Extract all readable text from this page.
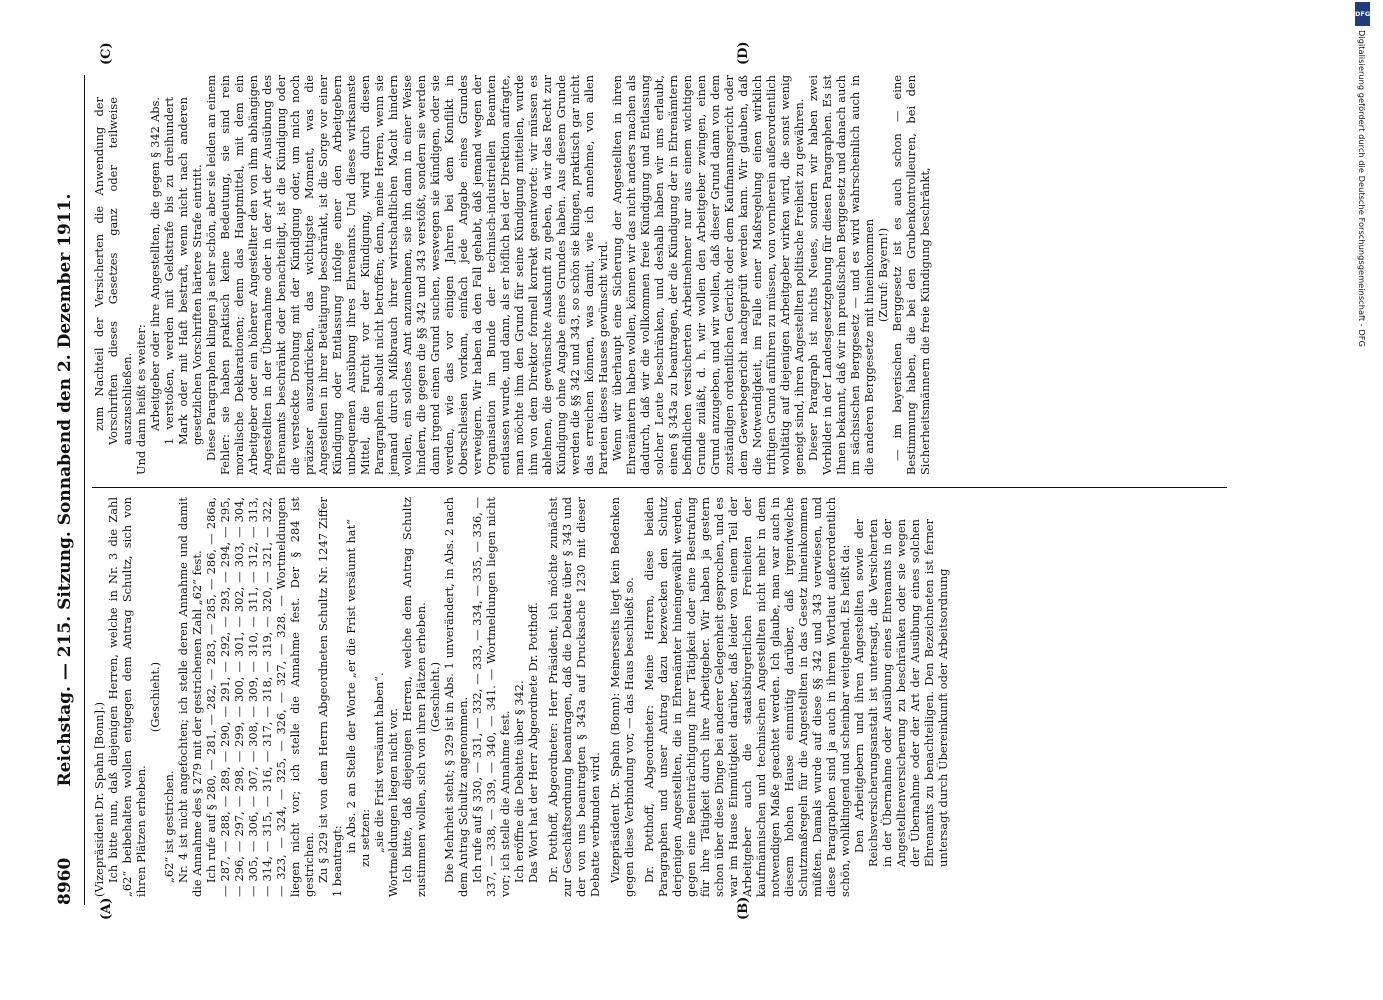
8960
Reichstag. — 215. Sitzung. Sonnabend den 2. Dezember 1911.
(A)	(B)
(C)	(D)

(Vizepräsident Dr. Spahn [Bonn].) Ich bitte nun, daß diejenigen Herren, welche in Nr. 3 die Zahl „62“ beibehalten wollen entgegen dem Antrag Schultz, sich von ihren Plätzen erheben.

(Geschieht.)

„62“ ist gestrichen. Nr. 4 ist nicht angefochten; ich stelle deren Annahme und damit die Annahme des § 279 mit der gestrichenen Zahl „62“ fest. Ich rufe auf § 280, — 281, — 282, — 283, — 285, — 286, — 286a, — 287, — 288, — 289, — 290, — 291, — 292, — 293, — 294, — 295, — 296, — 297, — 298, — 299, — 300, — 301, — 302, — 303, — 304, — 305, — 306, — 307, — 308, — 309, — 310, — 311, — 312, — 313, — 314, — 315, — 316, — 317, — 318, — 319, — 320, — 321, — 322, — 323, — 324, — 325, — 326, — 327, — 328. — Wortmeldungen liegen nicht vor; ich stelle die Annahme fest. Der § 284 ist gestrichen. Zu § 329 ist von dem Herrn Abgeordneten Schultz Nr. 1247 Ziffer 1 beantragt:

in Abs. 2 an Stelle der Worte „er die Frist versäumt hat“ zu setzen: „sie die Frist versäumt haben“. Wortmeldungen liegen nicht vor. Ich bitte, daß diejenigen Herren, welche dem Antrag Schultz zustimmen wollen, sich von ihren Plätzen erheben. (Geschieht.) Die Mehrheit steht; § 329 ist in Abs. 1 unverändert, in Abs. 2 nach dem Antrag Schultz angenommen. Ich rufe auf § 330, — 331, — 332, — 333, — 334, — 335, — 336, — 337, — 338, — 339, — 340, — 341. — Wortmeldungen liegen nicht vor; ich stelle die Annahme fest. Ich eröffne die Debatte über § 342. Das Wort hat der Herr Abgeordnete Dr. Potthoff. Dr. Potthoff, Abgeordneter: Herr Präsident, ich möchte zunächst zur Geschäftsordnung beantragen, daß die Debatte über § 343 und der von uns beantragten § 343a auf Drucksache 1230 mit dieser Debatte verbunden wird. Vizepräsident Dr. Spahn (Bonn): Meinerseits liegt kein Bedenken gegen diese Verbindung vor, — das Haus beschließt so. Dr. Potthoff, Abgeordneter: Meine Herren, diese beiden Paragraphen und unser Antrag dazu bezwecken den Schutz derjenigen Angestellten, die in Ehrenämter hineingewählt werden, gegen eine Beeinträchtigung ihrer Tätigkeit oder eine Bestrafung für ihre Tätigkeit durch ihre Arbeitgeber. Wir haben ja gestern schon über diese Dinge bei anderer Gelegenheit gesprochen, und es war im Hause Einmütigkeit darüber, daß leider von einem Teil der Arbeitgeber auch die staatsbürgerlichen Freiheiten der kaufmännischen und technischen Angestellten nicht mehr in dem notwendigen Maße geachtet werden. Ich glaube, man war auch in diesem hohen Hause einmütig darüber, daß irgendwelche Schutzmaßregeln für die Angestellten in das Gesetz hineinkommen müßten. Damals wurde auf diese §§ 342 und 343 verwiesen, und diese Paragraphen sind ja auch in ihrem Wortlaut außerordentlich schön, wohlklingend und scheinbar weitgehend. Es heißt da: Den Arbeitgebern und ihren Angestellten sowie der Reichsversicherungsanstalt ist untersagt, die Versicherten in der Übernahme oder Ausübung eines Ehrenamts in der Angestelltenversicherung zu beschränken oder sie wegen der Übernahme oder der Art der Ausübung eines solchen Ehrenamts zu benachteiligen. Den Bezeichneten ist ferner untersagt durch Übereinkunft oder Arbeitsordnung

zum Nachteil der Versicherten die Anwendung der Vorschriften dieses Gesetzes ganz oder teilweise auszuschließen. Und dann heißt es weiter: Arbeitgeber oder ihre Angestellten, die gegen § 342 Abs. 1 verstoßen, werden mit Geldstrafe bis zu dreihundert Mark oder mit Haft bestraft, wenn nicht nach anderen gesetzlichen Vorschriften härtere Strafe eintritt. Diese Paragraphen klingen ja sehr schön, aber sie leiden an einem Fehler: sie haben praktisch keine Bedeutung, sie sind rein moralische Deklarationen; denn das Hauptmittel, mit dem ein Arbeitgeber oder ein höherer Angestellter den von ihm abhängigen Angestellten in der Übernahme oder in der Art der Ausübung des Ehrenamts beschränkt oder benachteiligt, ist die Kündigung oder die versteckte Drohung mit der Kündigung oder, um mich noch präziser auszudrücken, das wichtigste Moment, was die Angestellten in ihrer Betätigung beschränkt, ist die Sorge vor einer Kündigung oder Entlassung infolge einer den Arbeitgebern unbequemen Ausübung ihres Ehrenamts. Und dieses wirksamste Mittel, die Furcht vor der Kündigung, wird durch diesen Paragraphen absolut nicht betroffen; denn, meine Herren, wenn sie jemand durch Mißbrauch ihrer wirtschaftlichen Macht hindern wollen, ein solches Amt anzunehmen, sie ihn dann in einer Weise hindern, die gegen die §§ 342 und 343 verstößt, sondern sie werden dann irgend einen Grund suchen, weswegen sie kündigen, oder sie werden, wie das vor einigen Jahren bei dem Konflikt in Oberschlesien vorkam, einfach jede Angabe eines Grundes verweigern. Wir haben da den Fall gehabt, daß jemand wegen der Organisation im Bunde der technisch-industriellen Beamten entlassen wurde, und dann, als er höflich bei der Direktion anfragte, man möchte ihm den Grund für seine Kündigung mitteilen, wurde ihm von dem Direktor formell korrekt geantwortet: wir müssen es ablehnen, die gewünschte Auskunft zu geben, da wir das Recht zur Kündigung ohne Angabe eines Grundes haben. Aus diesem Grunde werden die §§ 342 und 343, so schön sie klingen, praktisch gar nicht das erreichen können, was damit, wie ich annehme, von allen Parteien dieses Hauses gewünscht wird. Wenn wir überhaupt eine Sicherung der Angestellten in ihren Ehrenämtern haben wollen, können wir das nicht anders machen als dadurch, daß wir die vollkommen freie Kündigung und Entlassung solcher Leute beschränken, und deshalb haben wir uns erlaubt, einen § 343a zu beantragen, der die Kündigung der in Ehrenämtern befindlichen versicherten Arbeitnehmer nur aus einem wichtigen Grunde zuläßt, d. h. wir wollen den Arbeitgeber zwingen, einen Grund anzugeben, und wir wollen, daß dieser Grund dann von dem zuständigen ordentlichen Gericht oder dem Kaufmannsgericht oder dem Gewerbegericht nachgeprüft werden kann. Wir glauben, daß die Notwendigkeit, im Falle einer Maßregelung einen wirklich triftigen Grund anführen zu müssen, von vornherein außerordentlich wohltätig auf diejenigen Arbeitgeber wirken wird, die sonst wenig geneigt sind, ihren Angestellten politische Freiheit zu gewähren. Dieser Paragraph ist nichts Neues, sondern wir haben zwei Vorbilder in der Landesgesetzgebung für diesen Paragraphen. Es ist Ihnen bekannt, daß wir im preußischen Berggesetz und danach auch im sächsischen Berggesetz — und es wird wahrscheinlich auch in die anderen Berggesetze mit hineinkommen (Zuruf: Bayern!) — im bayerischen Berggesetz ist es auch schon — eine Bestimmung haben, die bei den Grubenkontrolleuren, bei den Sicherheitsmännern die freie Kündigung beschränkt,

DFG
Digitalisierung gefördert durch die Deutsche Forschungsgemeinschaft - DFG
